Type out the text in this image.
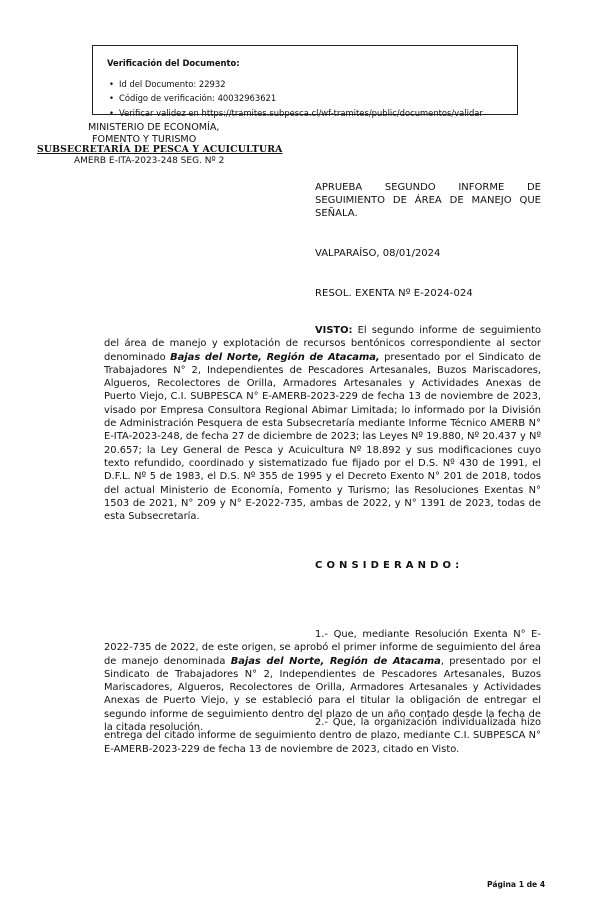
Verificación del Documento:
• Id del Documento: 22932
• Código de verificación: 40032963621
• Verificar validez en https://tramites.subpesca.cl/wf-tramites/public/documentos/validar
MINISTERIO DE ECONOMÍA,
FOMENTO Y TURISMO
SUBSECRETARÍA DE PESCA Y ACUICULTURA
AMERB E-ITA-2023-248 SEG. Nº 2
APRUEBA SEGUNDO INFORME DE SEGUIMIENTO DE ÁREA DE MANEJO QUE SEÑALA.
VALPARAÍSO, 08/01/2024
RESOL. EXENTA Nº E-2024-024

VISTO: El segundo informe de seguimiento del área de manejo y explotación de recursos bentónicos correspondiente al sector denominado Bajas del Norte, Región de Atacama, presentado por el Sindicato de Trabajadores N° 2, Independientes de Pescadores Artesanales, Buzos Mariscadores, Algueros, Recolectores de Orilla, Armadores Artesanales y Actividades Anexas de Puerto Viejo, C.I. SUBPESCA N° E-AMERB-2023-229 de fecha 13 de noviembre de 2023, visado por Empresa Consultora Regional Abimar Limitada; lo informado por la División de Administración Pesquera de esta Subsecretaría mediante Informe Técnico AMERB N° E-ITA-2023-248, de fecha 27 de diciembre de 2023; las Leyes Nº 19.880, Nº 20.437 y Nº 20.657; la Ley General de Pesca y Acuicultura Nº 18.892 y sus modificaciones cuyo texto refundido, coordinado y sistematizado fue fijado por el D.S. Nº 430 de 1991, el D.F.L. Nº 5 de 1983, el D.S. Nº 355 de 1995 y el Decreto Exento N° 201 de 2018, todos del actual Ministerio de Economía, Fomento y Turismo; las Resoluciones Exentas N° 1503 de 2021, N° 209 y N° E-2022-735, ambas de 2022, y N° 1391 de 2023, todas de esta Subsecretaría.

CONSIDERANDO:

1.- Que, mediante Resolución Exenta N° E-2022-735 de 2022, de este origen, se aprobó el primer informe de seguimiento del área de manejo denominada Bajas del Norte, Región de Atacama, presentado por el Sindicato de Trabajadores N° 2, Independientes de Pescadores Artesanales, Buzos Mariscadores, Algueros, Recolectores de Orilla, Armadores Artesanales y Actividades Anexas de Puerto Viejo, y se estableció para el titular la obligación de entregar el segundo informe de seguimiento dentro del plazo de un año contado desde la fecha de la citada resolución.	2.- Que, la organización individualizada hizo entrega del citado informe de seguimiento dentro de plazo, mediante C.I. SUBPESCA N° E-AMERB-2023-229 de fecha 13 de noviembre de 2023, citado en Visto.

Página 1 de 4
